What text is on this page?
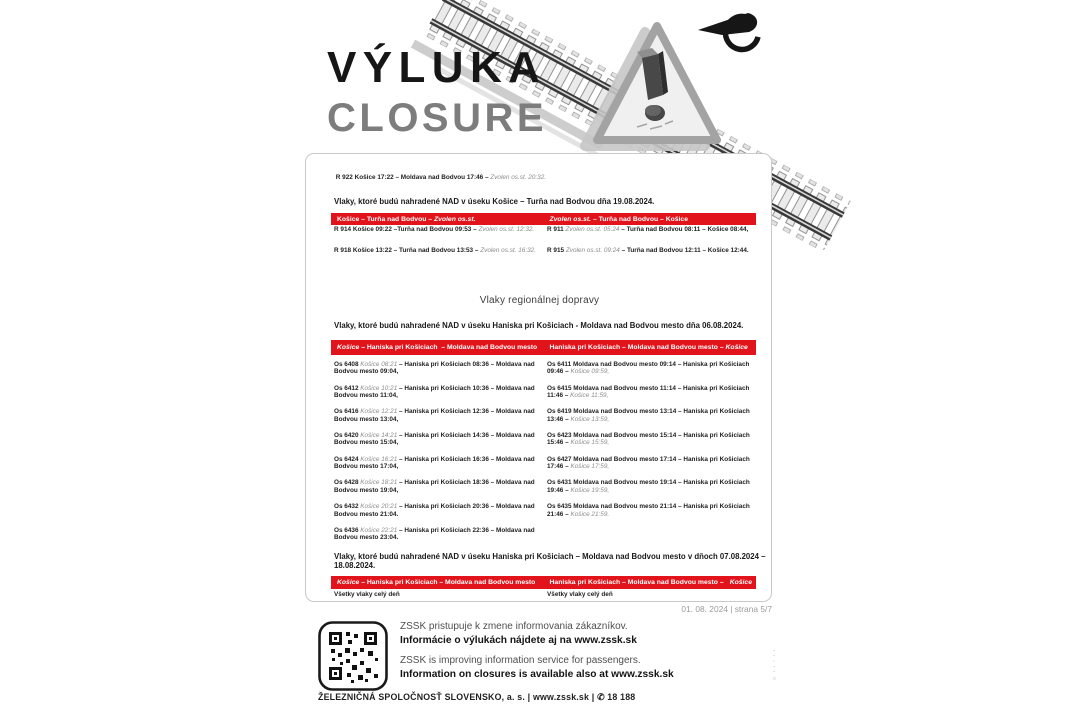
VÝLUKA
CLOSURE

R 922 Košice 17:22 – Moldava nad Bodvou 17:46 – Zvolen os.st. 20:32.

Vlaky, ktoré budú nahradené NAD v úseku Košice – Turňa nad Bodvou dňa 19.08.2024.

Košice – Turňa nad Bodvou – Zvolen os.st.	Zvolen os.st. – Turňa nad Bodvou – Košice
R 914 Košice 09:22 –Turňa nad Bodvou 09:53 – Zvolen os.st. 12:32.
R 918 Košice 13:22 – Turňa nad Bodvou 13:53 – Zvolen os.st. 16:32.
R 911 Zvolen os.st. 05:24 – Turňa nad Bodvou 08:11 – Košice 08:44,
R 915 Zvolen os.st. 09:24 – Turňa nad Bodvou 12:11 – Košice 12:44.
Vlaky regionálnej dopravy

Vlaky, ktoré budú nahradené NAD v úseku Haniska pri Košiciach - Moldava nad Bodvou mesto dňa 06.08.2024.

Košice – Haniska pri Košiciach  – Moldava nad Bodvou mesto Haniska pri Košiciach – Moldava nad Bodvou mesto – Košice
Os 6408 Košice 08:21 – Haniska pri Košiciach 08:36 – Moldava nad Bodvou mesto 09:04,
Os 6412 Košice 10:21 – Haniska pri Košiciach 10:36 – Moldava nad Bodvou mesto 11:04,
Os 6416 Košice 12:21 – Haniska pri Košiciach 12:36 – Moldava nad Bodvou mesto 13:04,
Os 6420 Košice 14:21 – Haniska pri Košiciach 14:36 – Moldava nad Bodvou mesto 15:04,
Os 6424 Košice 16:21 – Haniska pri Košiciach 16:36 – Moldava nad Bodvou mesto 17:04,
Os 6428 Košice 18:21 – Haniska pri Košiciach 18:36 – Moldava nad Bodvou mesto 19:04,
Os 6432 Košice 20:21 – Haniska pri Košiciach 20:36 – Moldava nad Bodvou mesto 21:04.
Os 6436 Košice 22:21 – Haniska pri Košiciach 22:36 – Moldava nad Bodvou mesto 23:04.
Os 6411 Moldava nad Bodvou mesto 09:14 – Haniska pri Košiciach 09:46 – Košice 09:59,
Os 6415 Moldava nad Bodvou mesto 11:14 – Haniska pri Košiciach 11:46 – Košice 11:59,
Os 6419 Moldava nad Bodvou mesto 13:14 – Haniska pri Košiciach 13:46 – Košice 13:59,
Os 6423 Moldava nad Bodvou mesto 15:14 – Haniska pri Košiciach 15:46 – Košice 15:59,
Os 6427 Moldava nad Bodvou mesto 17:14 – Haniska pri Košiciach 17:46 – Košice 17:59,
Os 6431 Moldava nad Bodvou mesto 19:14 – Haniska pri Košiciach 19:46 – Košice 19:59,
Os 6435 Moldava nad Bodvou mesto 21:14 – Haniska pri Košiciach 21:46 – Košice 21:59.

Vlaky, ktoré budú nahradené NAD v úseku Haniska pri Košiciach – Moldava nad Bodvou mesto v dňoch 07.08.2024 – 18.08.2024.

Košice – Haniska pri Košiciach – Moldava nad Bodvou mesto Haniska pri Košiciach – Moldava nad Bodvou mesto – Košice
Všetky vlaky celý deň	Všetky vlaky celý deň
01. 08. 2024 | strana 5/7

ZSSK pristupuje k zmene informovania zákazníkov.

Informácie o výlukách nájdete aj na www.zssk.sk

ZSSK is improving information service for passengers.

Information on closures is available also at www.zssk.sk

ŽELEZNIČNÁ SPOLOČNOSŤ SLOVENSKO, a. s. | www.zssk.sk | ✆ 18 188
ı ı ı ı ı ©
